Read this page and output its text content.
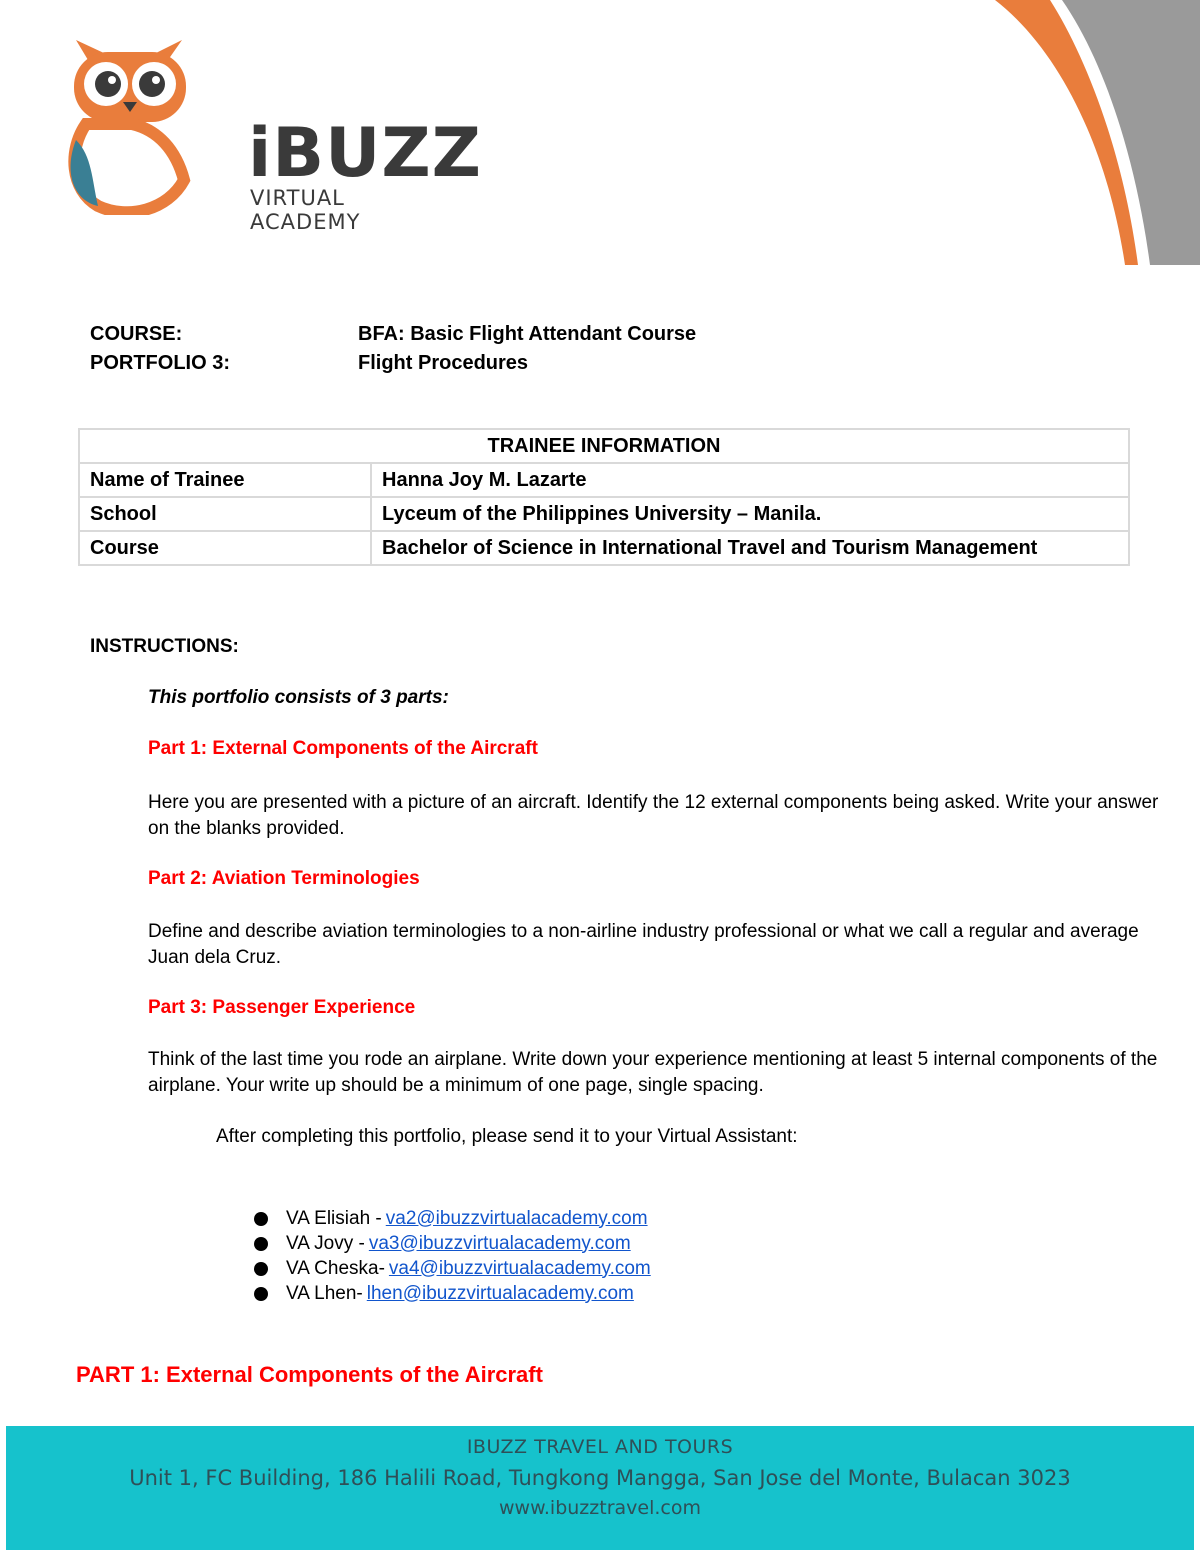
iBUZZ
VIRTUAL ACADEMY
COURSE:	BFA: Basic Flight Attendant Course
PORTFOLIO 3:	Flight Procedures
TRAINEE INFORMATION	
Name of Trainee	Hanna Joy M. Lazarte
School	Lyceum of the Philippines University – Manila.
Course	Bachelor of Science in International Travel and Tourism Management
INSTRUCTIONS:
This portfolio consists of 3 parts:
Part 1: External Components of the Aircraft
Here you are presented with a picture of an aircraft. Identify the 12 external components being asked. Write your answer on the blanks provided.
Part 2: Aviation Terminologies
Define and describe aviation terminologies to a non-airline industry professional or what we call a regular and average Juan dela Cruz.
Part 3: Passenger Experience
Think of the last time you rode an airplane. Write down your experience mentioning at least 5 internal components of the airplane. Your write up should be a minimum of one page, single spacing.
After completing this portfolio, please send it to your Virtual Assistant:
VA Elisiah - va2@ibuzzvirtualacademy.com
VA Jovy - va3@ibuzzvirtualacademy.com
VA Cheska- va4@ibuzzvirtualacademy.com
VA Lhen- lhen@ibuzzvirtualacademy.com
PART 1: External Components of the Aircraft
IBUZZ TRAVEL AND TOURS
Unit 1, FC Building, 186 Halili Road, Tungkong Mangga, San Jose del Monte, Bulacan 3023
www.ibuzztravel.com
